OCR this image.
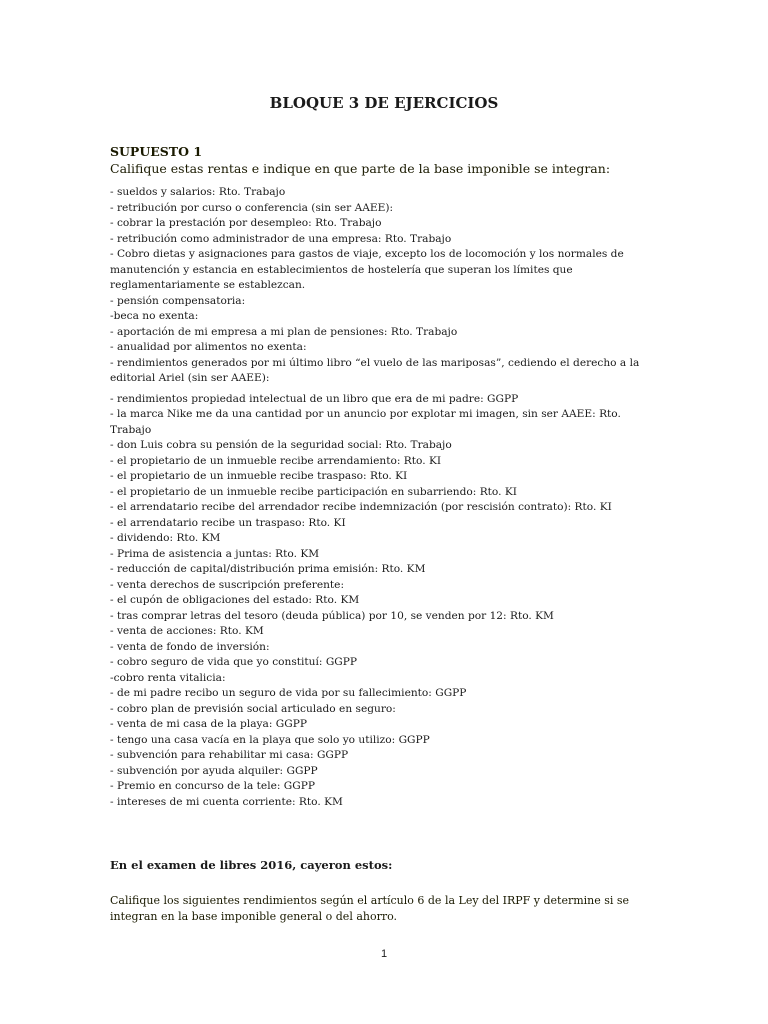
BLOQUE 3 DE EJERCICIOS
SUPUESTO 1
Califique estas rentas e indique en que parte de la base imponible se integran:
- sueldos y salarios: Rto. Trabajo
- retribución por curso o conferencia (sin ser AAEE):
- cobrar la prestación por desempleo: Rto. Trabajo
- retribución como administrador de una empresa: Rto. Trabajo
- Cobro dietas y asignaciones para gastos de viaje, excepto los de locomoción y los normales de manutención y estancia en establecimientos de hostelería que superan los límites que reglamentariamente se establezcan.
- pensión compensatoria:
-beca no exenta:
- aportación de mi empresa a mi plan de pensiones: Rto. Trabajo
- anualidad por alimentos no exenta:
- rendimientos generados por mi último libro “el vuelo de las mariposas”, cediendo el derecho a la editorial Ariel (sin ser AAEE):
- rendimientos propiedad intelectual de un libro que era de mi padre: GGPP
- la marca Nike me da una cantidad por un anuncio por explotar mi imagen, sin ser AAEE: Rto. Trabajo
- don Luis cobra su pensión de la seguridad social: Rto. Trabajo
- el propietario de un inmueble recibe arrendamiento: Rto. KI
- el propietario de un inmueble recibe traspaso: Rto. KI
- el propietario de un inmueble recibe participación en subarriendo: Rto. KI
- el arrendatario recibe del arrendador recibe indemnización (por rescisión contrato): Rto. KI
- el arrendatario recibe un traspaso: Rto. KI
- dividendo: Rto. KM
- Prima de asistencia a juntas: Rto. KM
- reducción de capital/distribución prima emisión: Rto. KM
- venta derechos de suscripción preferente:
- el cupón de obligaciones del estado: Rto. KM
- tras comprar letras del tesoro (deuda pública) por 10, se venden por 12: Rto. KM
- venta de acciones: Rto. KM
- venta de fondo de inversión:
- cobro seguro de vida que yo constituí: GGPP
-cobro renta vitalicia:
- de mi padre recibo un seguro de vida por su fallecimiento: GGPP
- cobro plan de previsión social articulado en seguro:
- venta de mi casa de la playa: GGPP
- tengo una casa vacía en la playa que solo yo utilizo: GGPP
- subvención para rehabilitar mi casa: GGPP
- subvención por ayuda alquiler: GGPP
- Premio en concurso de la tele: GGPP
- intereses de mi cuenta corriente: Rto. KM
En el examen de libres 2016, cayeron estos:
Califique los siguientes rendimientos según el artículo 6 de la Ley del IRPF y determine si se integran en la base imponible general o del ahorro.
1
